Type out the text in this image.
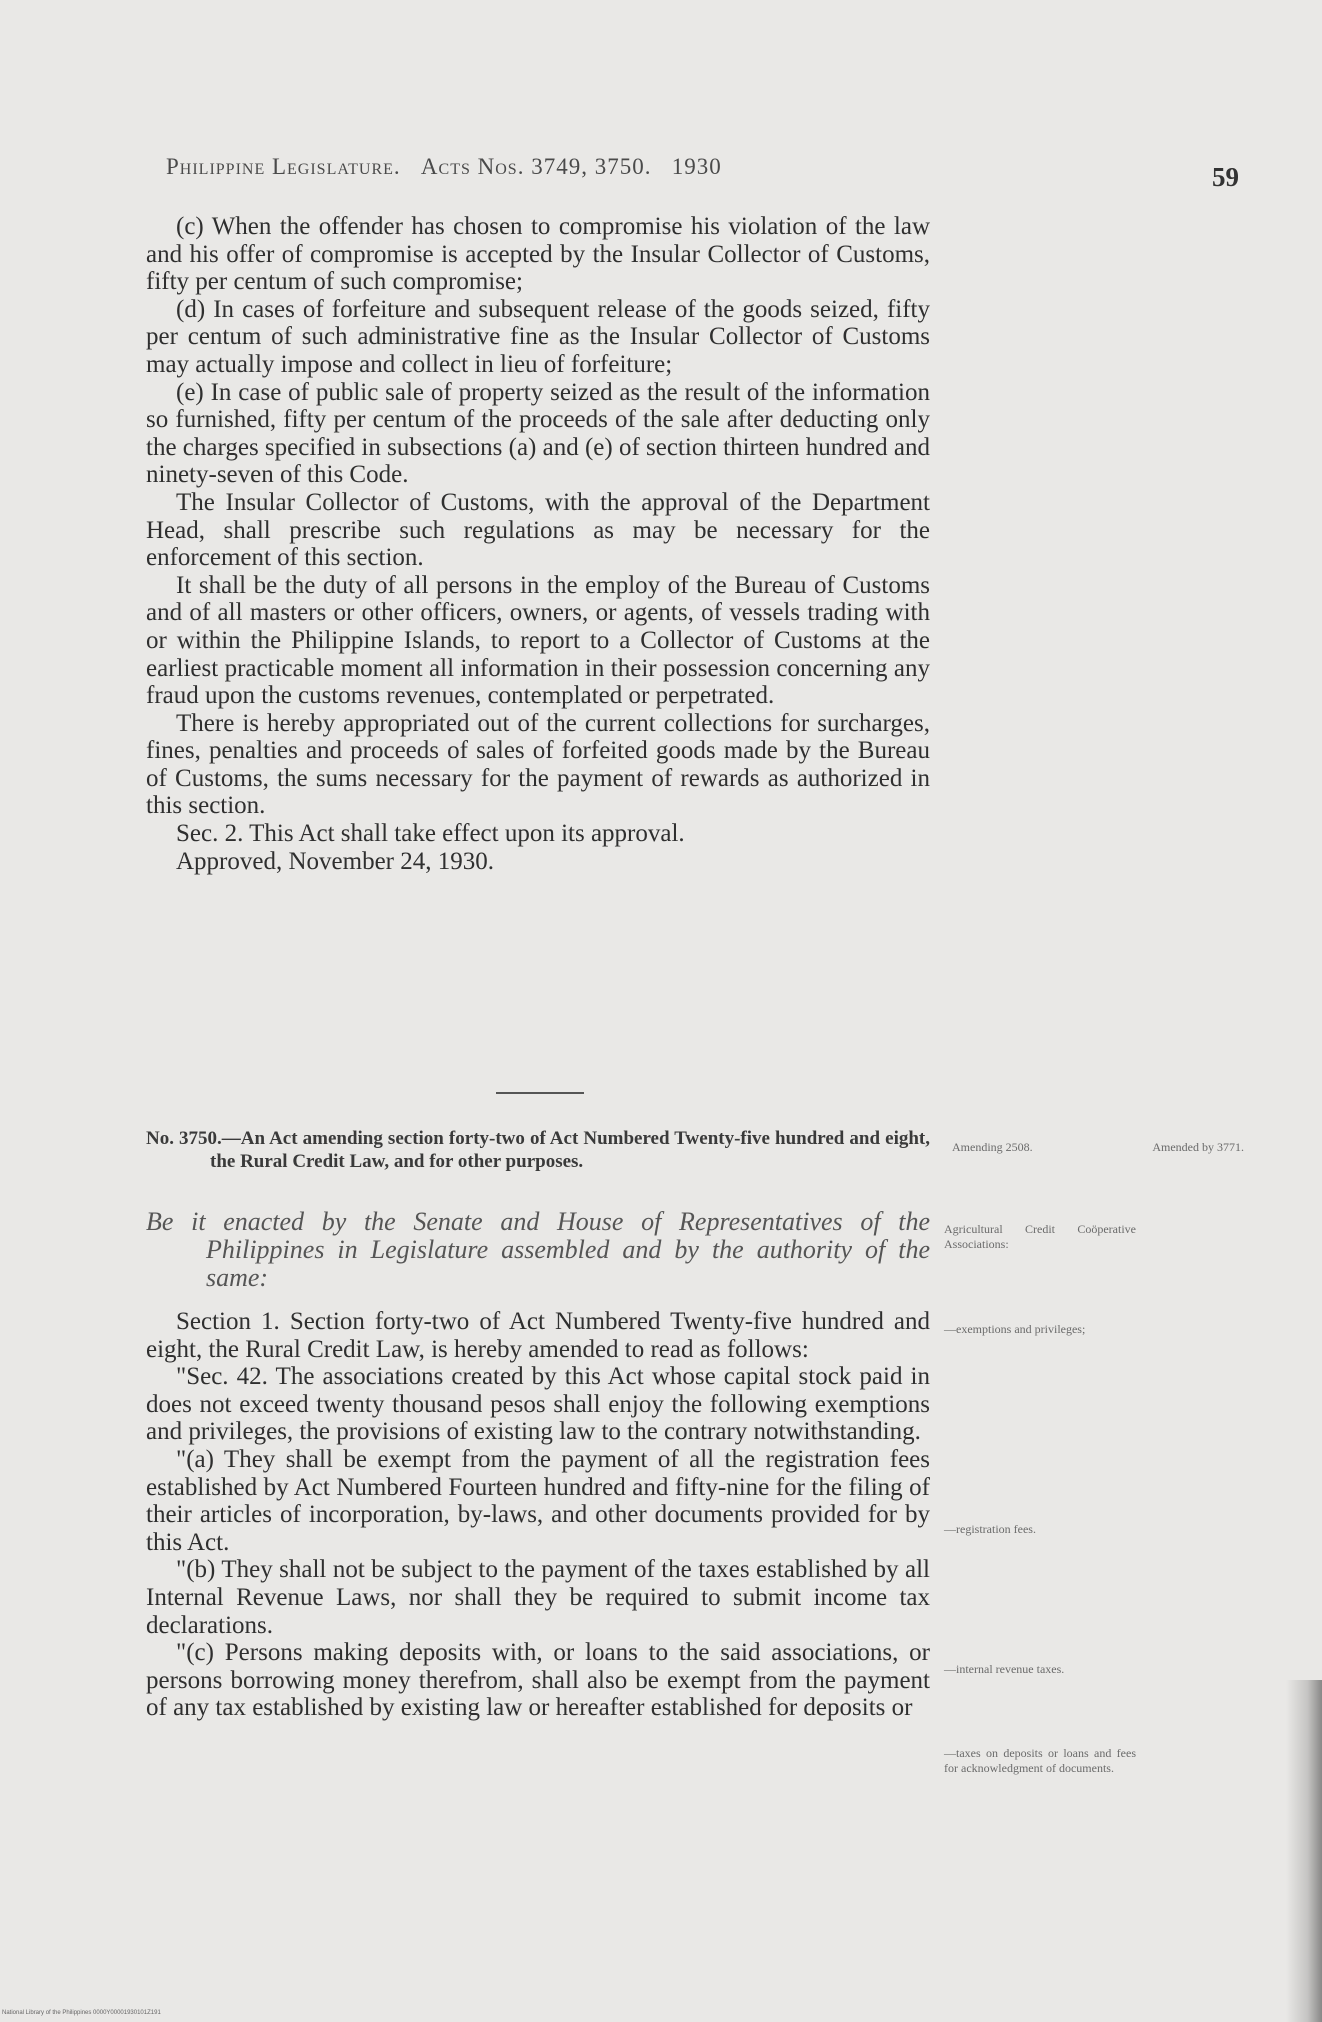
Philippine Legislature. Acts Nos. 3749, 3750. 1930	59

(c) When the offender has chosen to compromise his violation of the law and his offer of compromise is accepted by the Insular Collector of Customs, fifty per centum of such compromise;

(d) In cases of forfeiture and subsequent release of the goods seized, fifty per centum of such administrative fine as the Insular Collector of Customs may actually impose and collect in lieu of forfeiture;

(e) In case of public sale of property seized as the result of the information so furnished, fifty per centum of the proceeds of the sale after deducting only the charges specified in subsections (a) and (e) of section thirteen hundred and ninety-seven of this Code.

The Insular Collector of Customs, with the approval of the Department Head, shall prescribe such regulations as may be necessary for the enforcement of this section.

It shall be the duty of all persons in the employ of the Bureau of Customs and of all masters or other officers, owners, or agents, of vessels trading with or within the Philippine Islands, to report to a Collector of Customs at the earliest practicable moment all information in their possession concerning any fraud upon the customs revenues, contemplated or perpetrated.

There is hereby appropriated out of the current collections for surcharges, fines, penalties and proceeds of sales of forfeited goods made by the Bureau of Customs, the sums necessary for the payment of rewards as authorized in this section.

Sec. 2. This Act shall take effect upon its approval.

Approved, November 24, 1930.

No. 3750.—An Act amending section forty-two of Act Numbered Twenty-five hundred and eight, the Rural Credit Law, and for other purposes.
Be it enacted by the Senate and House of Representatives of the Philippines in Legislature assembled and by the authority of the same:

Section 1. Section forty-two of Act Numbered Twenty-five hundred and eight, the Rural Credit Law, is hereby amended to read as follows:

"Sec. 42. The associations created by this Act whose capital stock paid in does not exceed twenty thousand pesos shall enjoy the following exemptions and privileges, the provisions of existing law to the contrary notwithstanding.

"(a) They shall be exempt from the payment of all the registration fees established by Act Numbered Fourteen hundred and fifty-nine for the filing of their articles of incorporation, by-laws, and other documents provided for by this Act.

"(b) They shall not be subject to the payment of the taxes established by all Internal Revenue Laws, nor shall they be required to submit income tax declarations.

"(c) Persons making deposits with, or loans to the said associations, or persons borrowing money therefrom, shall also be exempt from the payment of any tax established by existing law or hereafter established for deposits or

Amending 2508.	Amended by 3771.
Agricultural Credit Coöperative Associations:
—exemptions and privileges;
—registration fees.
—internal revenue taxes.
—taxes on deposits or loans and fees for acknowledgment of documents.
National Library of the Philippines 0000Y00001930101Z191
